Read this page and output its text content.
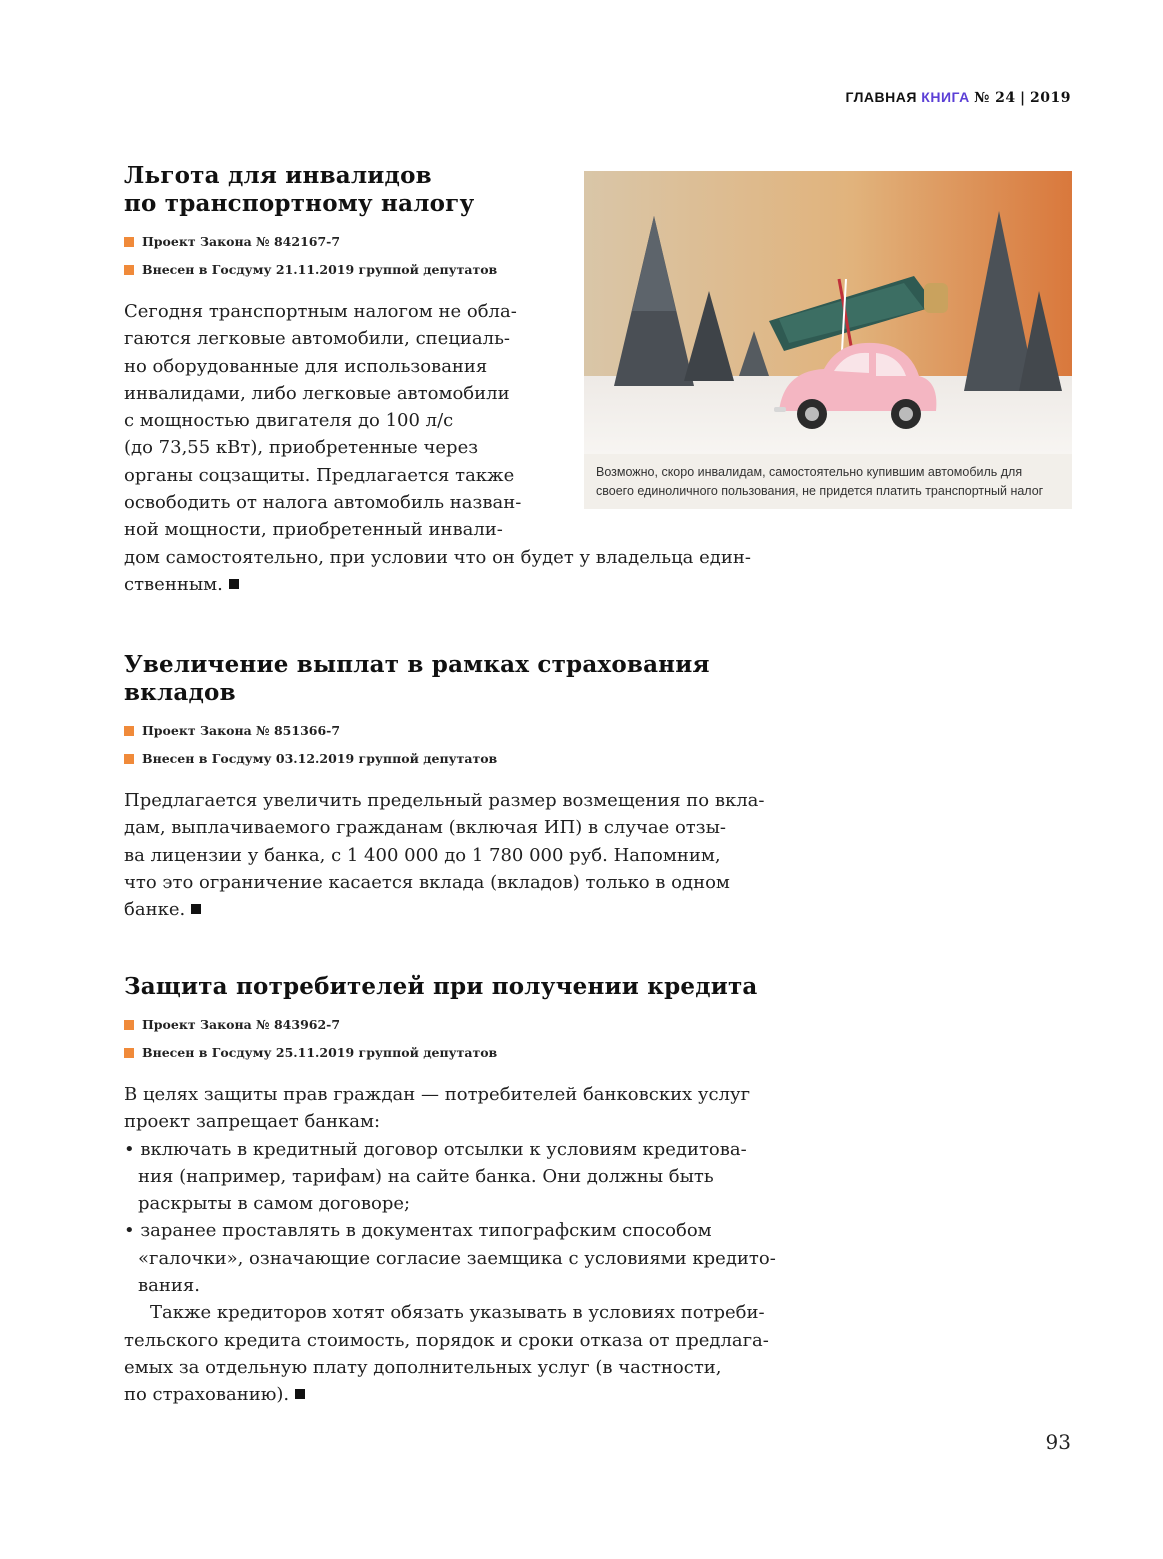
ГЛАВНАЯ КНИГА № 24 | 2019
Льгота для инвалидов
по транспортному налогу
Проект Закона № 842167-7
Внесен в Госдуму 21.11.2019 группой депутатов

Сегодня транспортным налогом не обла-
гаются легковые автомобили, специаль-
но оборудованные для использования
инвалидами, либо легковые автомобили
с мощностью двигателя до 100 л/с
(до 73,55 кВт), приобретенные через
органы соцзащиты. Предлагается также
освободить от налога автомобиль назван-
ной мощности, приобретенный инвали-
дом самостоятельно, при условии что он будет у владельца един-
ственным.

Возможно, скоро инвалидам, самостоятельно купившим автомобиль для
своего единоличного пользования, не придется платить транспортный налог
Увеличение выплат в рамках страхования
вкладов
Проект Закона № 851366-7
Внесен в Госдуму 03.12.2019 группой депутатов

Предлагается увеличить предельный размер возмещения по вкла-
дам, выплачиваемого гражданам (включая ИП) в случае отзы-
ва лицензии у банка, с 1 400 000 до 1 780 000 руб. Напомним,
что это ограничение касается вклада (вкладов) только в одном
банке.

Защита потребителей при получении кредита
Проект Закона № 843962-7
Внесен в Госдуму 25.11.2019 группой депутатов
В целях защиты прав граждан — потребителей банковских услуг
проект запрещает банкам:
• включать в кредитный договор отсылки к условиям кредитова-
ния (например, тарифам) на сайте банка. Они должны быть
раскрыты в самом договоре;
• заранее проставлять в документах типографским способом
«галочки», означающие согласие заемщика с условиями кредито-
вания.
Также кредиторов хотят обязать указывать в условиях потреби-
тельского кредита стоимость, порядок и сроки отказа от предлага-
емых за отдельную плату дополнительных услуг (в частности,
по страхованию).
93
